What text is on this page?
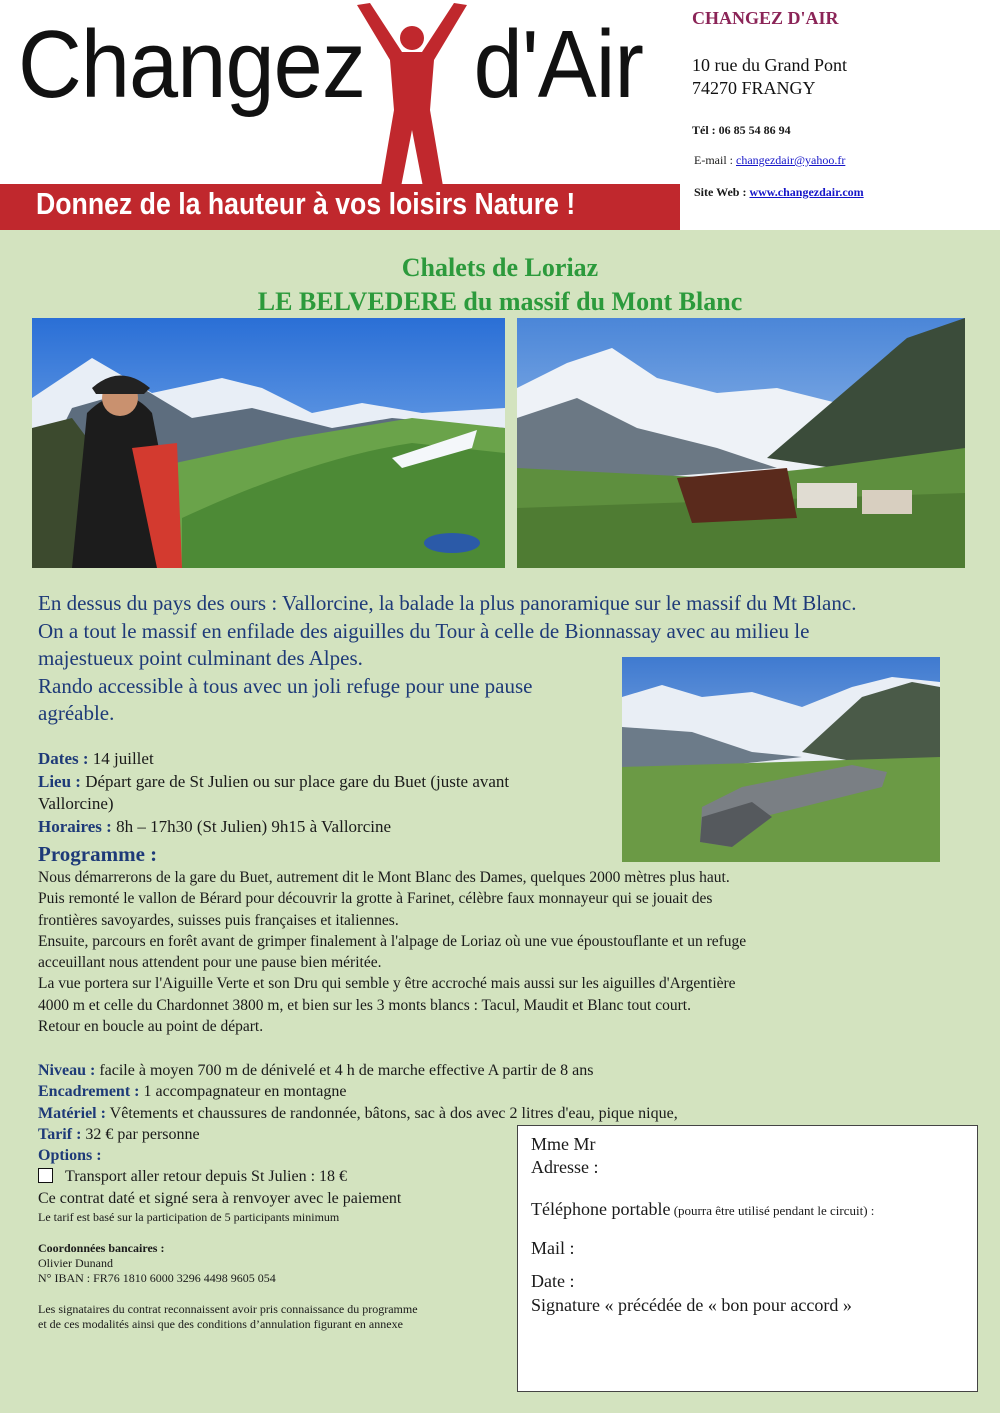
Changez d'Air
Donnez de la hauteur à vos loisirs Nature !
CHANGEZ D'AIR
10 rue du Grand Pont
74270 FRANGY
Tél : 06 85 54 86 94
E-mail : changezdair@yahoo.fr
Site Web : www.changezdair.com
Chalets de Loriaz
LE BELVEDERE du massif du Mont Blanc
En dessus du pays des ours : Vallorcine, la balade la plus panoramique sur le massif du Mt Blanc.
On a tout le massif en enfilade des aiguilles du Tour à celle de Bionnassay avec au milieu le
majestueux point culminant des Alpes.
Rando accessible à tous avec un joli refuge pour une pause
agréable.
Dates : 14 juillet
Lieu : Départ gare de St Julien ou sur place gare du Buet (juste avant
Vallorcine)
Horaires : 8h – 17h30 (St Julien) 9h15 à Vallorcine
Programme :
Nous démarrerons de la gare du Buet, autrement dit le Mont Blanc des Dames, quelques 2000 mètres plus haut.
Puis remonté le vallon de Bérard pour découvrir la grotte à Farinet, célèbre faux monnayeur qui se jouait des
frontières savoyardes, suisses puis françaises et italiennes.
Ensuite, parcours en forêt avant de grimper finalement à l'alpage de Loriaz où une vue époustouflante et un refuge
acceuillant nous attendent pour une pause bien méritée.
La vue portera sur l'Aiguille Verte et son Dru qui semble y être accroché mais aussi sur les aiguilles d'Argentière
4000 m et celle du Chardonnet 3800 m, et bien sur les 3 monts blancs : Tacul, Maudit et Blanc tout court.
Retour en boucle au point de départ.
Niveau : facile à moyen 700 m de dénivelé et 4 h de marche effective A partir de 8 ans
Encadrement : 1 accompagnateur en montagne
Matériel : Vêtements et chaussures de randonnée, bâtons, sac à dos avec 2 litres d'eau, pique nique,
Tarif : 32 € par personne
Options :
Transport aller retour depuis St Julien : 18 €
Ce contrat daté et signé sera à renvoyer avec le paiement
Le tarif est basé sur la participation de 5 participants minimum
Coordonnées bancaires :
Olivier Dunand
N° IBAN : FR76 1810 6000 3296 4498 9605 054
Les signataires du contrat reconnaissent avoir pris connaissance du programme
et de ces modalités ainsi que des conditions d’annulation figurant en annexe
Mme Mr
Adresse :
Téléphone portable (pourra être utilisé pendant le circuit) :
Mail :
Date :
Signature « précédée de « bon pour accord »
